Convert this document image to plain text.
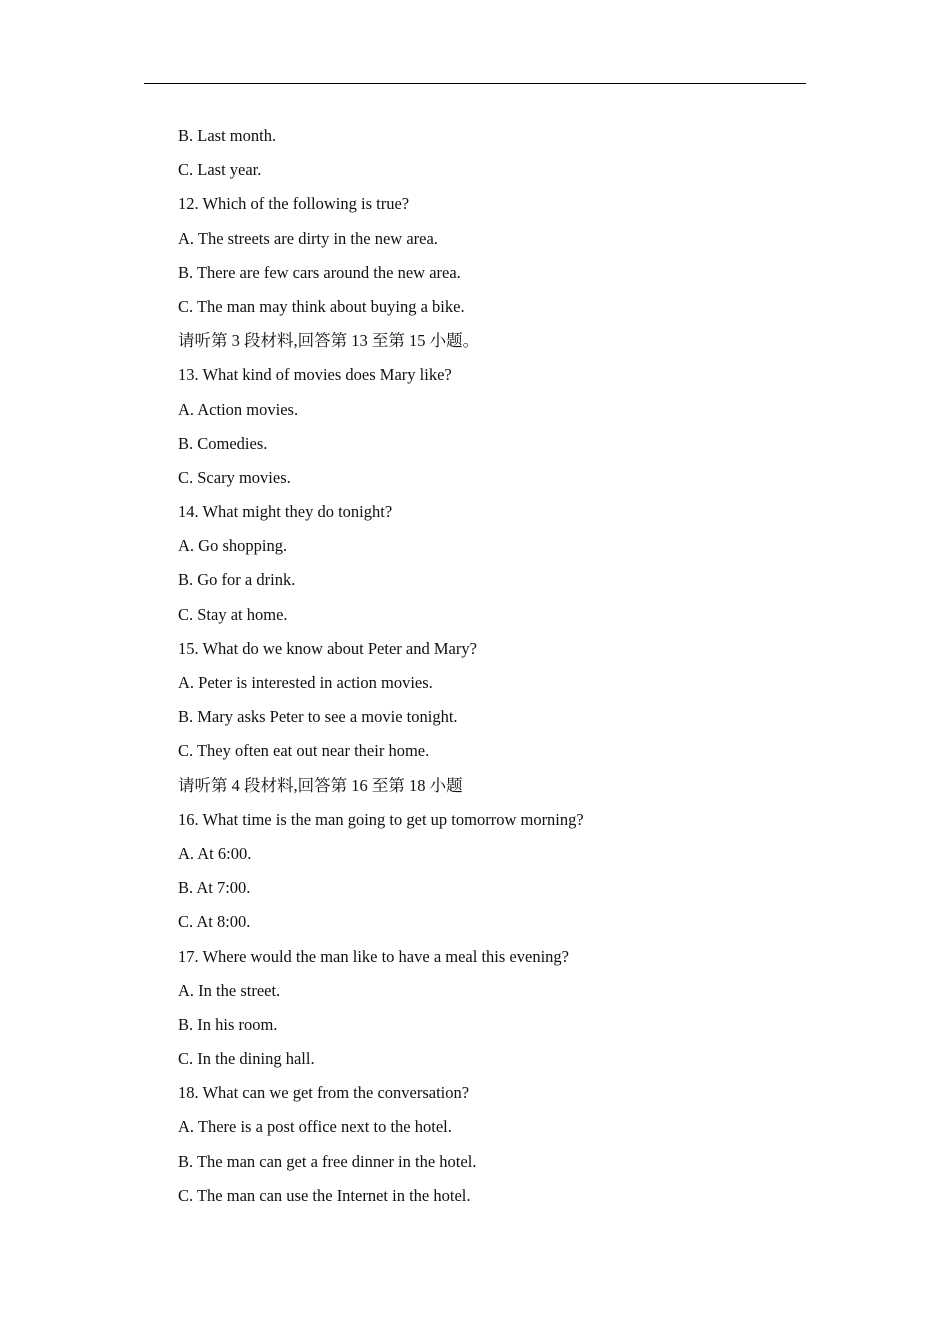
B. Last month.
C. Last year.
12. Which of the following is true?
A. The streets are dirty in the new area.
B. There are few cars around the new area.
C. The man may think about buying a bike.
请听第 3 段材料,回答第 13 至第 15 小题。
13. What kind of movies does Mary like?
A. Action movies.
B. Comedies.
C. Scary movies.
14. What might they do tonight?
A. Go shopping.
B. Go for a drink.
C. Stay at home.
15. What do we know about Peter and Mary?
A. Peter is interested in action movies.
B. Mary asks Peter to see a movie tonight.
C. They often eat out near their home.
请听第 4 段材料,回答第 16 至第 18 小题
16. What time is the man going to get up tomorrow morning?
A. At 6:00.
B. At 7:00.
C. At 8:00.
17. Where would the man like to have a meal this evening?
A. In the street.
B. In his room.
C. In the dining hall.
18. What can we get from the conversation?
A. There is a post office next to the hotel.
B. The man can get a free dinner in the hotel.
C. The man can use the Internet in the hotel.
